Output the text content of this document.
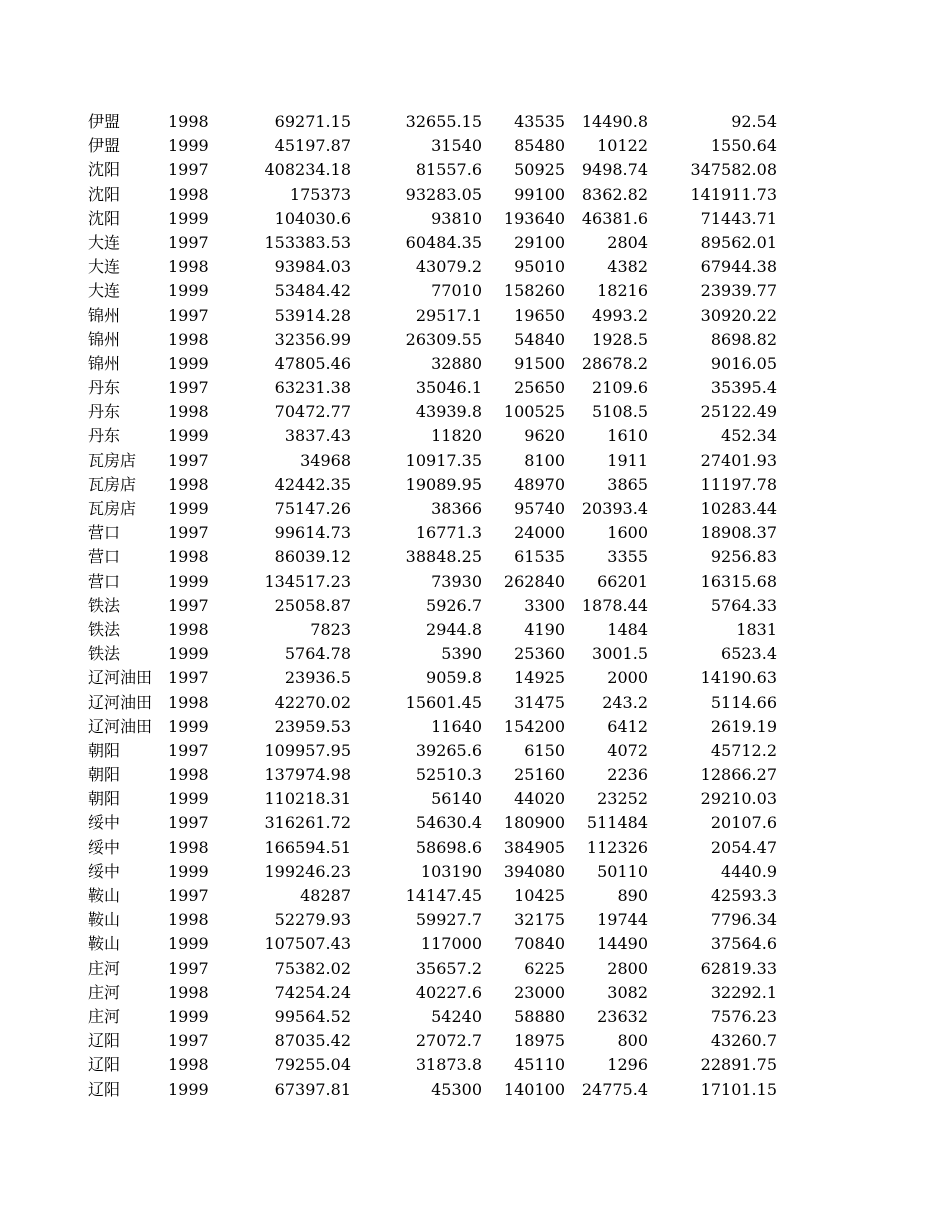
伊盟	1998	69271.15	32655.15	43535	14490.8	92.54
伊盟	1999	45197.87	31540	85480	10122	1550.64
沈阳	1997	408234.18	81557.6	50925	9498.74	347582.08
沈阳	1998	175373	93283.05	99100	8362.82	141911.73
沈阳	1999	104030.6	93810	193640	46381.6	71443.71
大连	1997	153383.53	60484.35	29100	2804	89562.01
大连	1998	93984.03	43079.2	95010	4382	67944.38
大连	1999	53484.42	77010	158260	18216	23939.77
锦州	1997	53914.28	29517.1	19650	4993.2	30920.22
锦州	1998	32356.99	26309.55	54840	1928.5	8698.82
锦州	1999	47805.46	32880	91500	28678.2	9016.05
丹东	1997	63231.38	35046.1	25650	2109.6	35395.4
丹东	1998	70472.77	43939.8	100525	5108.5	25122.49
丹东	1999	3837.43	11820	9620	1610	452.34
瓦房店	1997	34968	10917.35	8100	1911	27401.93
瓦房店	1998	42442.35	19089.95	48970	3865	11197.78
瓦房店	1999	75147.26	38366	95740	20393.4	10283.44
营口	1997	99614.73	16771.3	24000	1600	18908.37
营口	1998	86039.12	38848.25	61535	3355	9256.83
营口	1999	134517.23	73930	262840	66201	16315.68
铁法	1997	25058.87	5926.7	3300	1878.44	5764.33
铁法	1998	7823	2944.8	4190	1484	1831
铁法	1999	5764.78	5390	25360	3001.5	6523.4
辽河油田 1997	23936.5	9059.8	14925	2000	14190.63
辽河油田 1998	42270.02	15601.45	31475	243.2	5114.66
辽河油田 1999	23959.53	11640	154200	6412	2619.19
朝阳	1997	109957.95	39265.6	6150	4072	45712.2
朝阳	1998	137974.98	52510.3	25160	2236	12866.27
朝阳	1999	110218.31	56140	44020	23252	29210.03
绥中	1997	316261.72	54630.4	180900	511484	20107.6
绥中	1998	166594.51	58698.6	384905	112326	2054.47
绥中	1999	199246.23	103190	394080	50110	4440.9
鞍山	1997	48287	14147.45	10425	890	42593.3
鞍山	1998	52279.93	59927.7	32175	19744	7796.34
鞍山	1999	107507.43	117000	70840	14490	37564.6
庄河	1997	75382.02	35657.2	6225	2800	62819.33
庄河	1998	74254.24	40227.6	23000	3082	32292.1
庄河	1999	99564.52	54240	58880	23632	7576.23
辽阳	1997	87035.42	27072.7	18975	800	43260.7
辽阳	1998	79255.04	31873.8	45110	1296	22891.75
辽阳	1999	67397.81	45300	140100	24775.4	17101.15
